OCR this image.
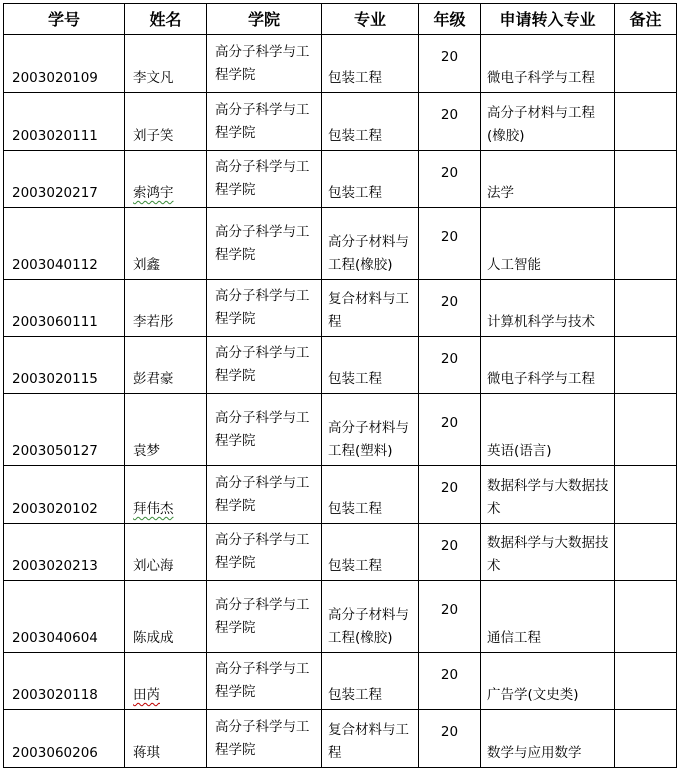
学号	姓名	学院	专业	年级	申请转入专业	备注
2003020109	李文凡	高分子科学与工程学院	包装工程	20	微电子科学与工程	
2003020111	刘子笑	高分子科学与工程学院	包装工程	20	高分子材料与工程(橡胶)	
2003020217	索鸿宇	高分子科学与工程学院	包装工程	20	法学	
2003040112	刘鑫	高分子科学与工程学院	高分子材料与工程(橡胶)	20	人工智能	
2003060111	李若彤	高分子科学与工程学院	复合材料与工程	20	计算机科学与技术	
2003020115	彭君豪	高分子科学与工程学院	包装工程	20	微电子科学与工程	
2003050127	袁梦	高分子科学与工程学院	高分子材料与工程(塑料)	20	英语(语言)	
2003020102	拜伟杰	高分子科学与工程学院	包装工程	20	数据科学与大数据技术	
2003020213	刘心海	高分子科学与工程学院	包装工程	20	数据科学与大数据技术	
2003040604	陈成成	高分子科学与工程学院	高分子材料与工程(橡胶)	20	通信工程	
2003020118	田芮	高分子科学与工程学院	包装工程	20	广告学(文史类)	
2003060206	蒋琪	高分子科学与工程学院	复合材料与工程	20	数学与应用数学	
